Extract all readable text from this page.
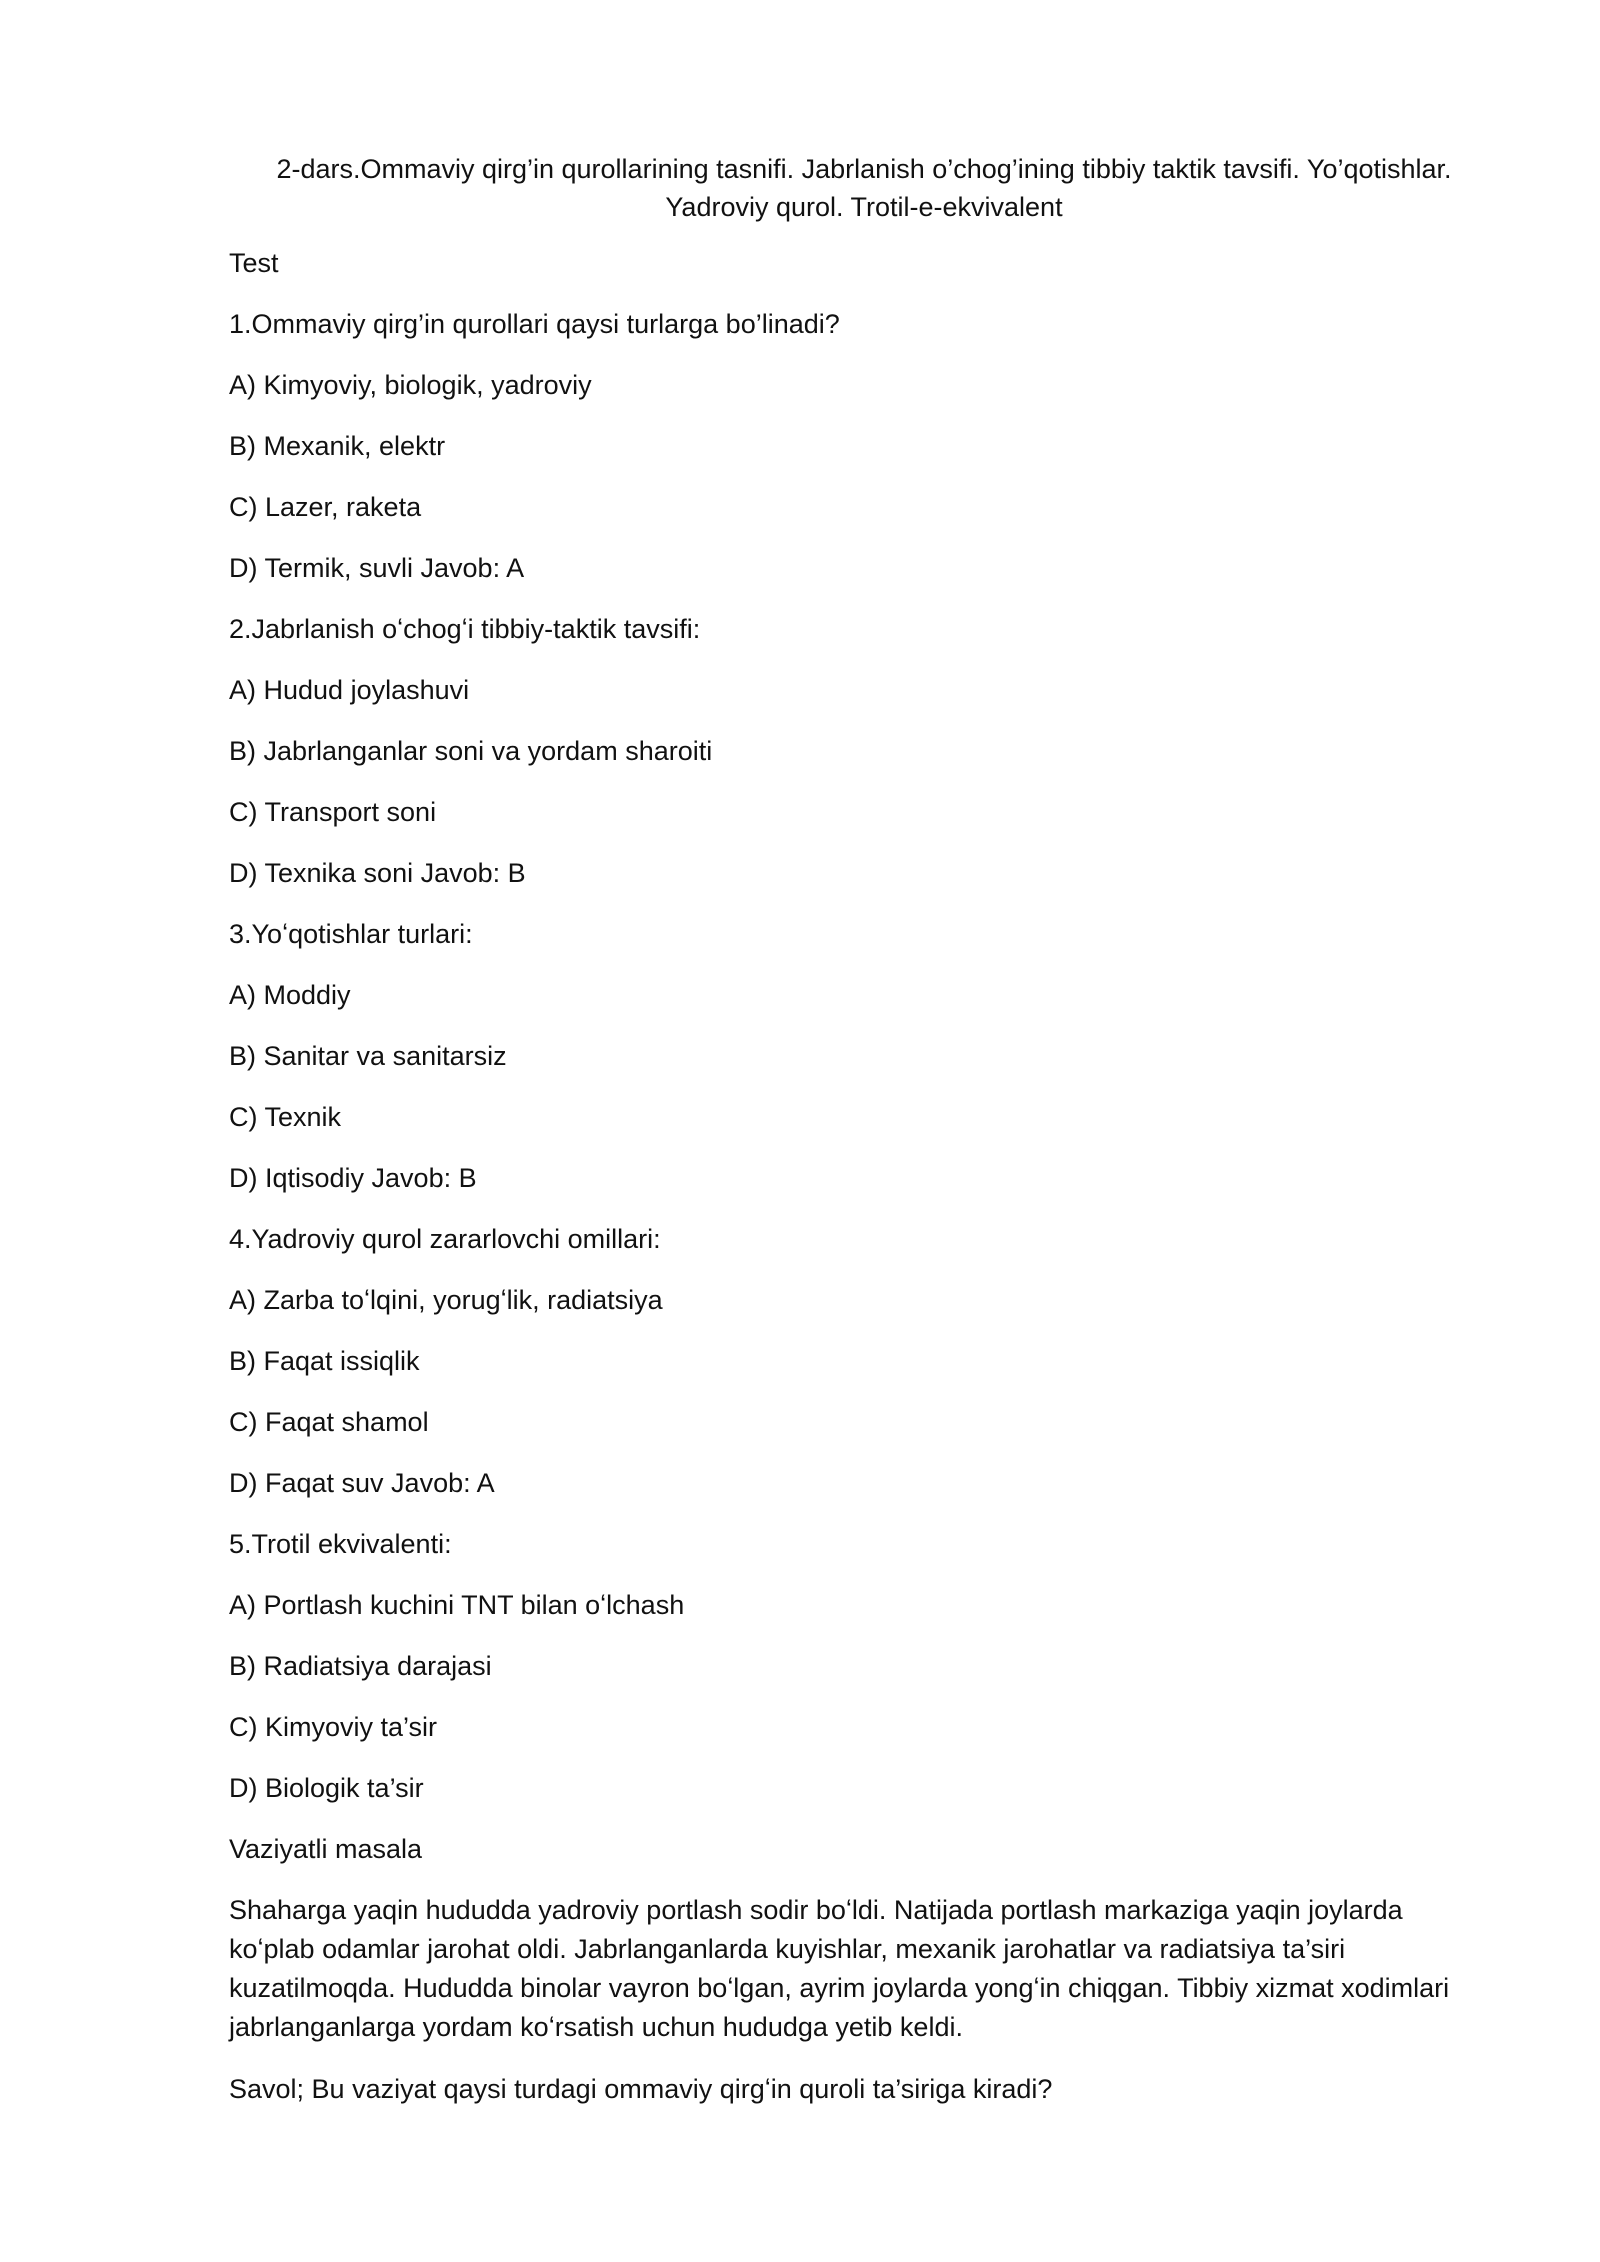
2-dars.Ommaviy qirg’in qurollarining tasnifi. Jabrlanish o’chog’ining tibbiy taktik tavsifi. Yo’qotishlar.
Yadroviy qurol. Trotil-e-ekvivalent

Test

1.Ommaviy qirg’in qurollari qaysi turlarga bo’linadi?

A) Kimyoviy, biologik, yadroviy

B) Mexanik, elektr

C) Lazer, raketa

D) Termik, suvli Javob: A

2.Jabrlanish oʻchogʻi tibbiy-taktik tavsifi:

A) Hudud joylashuvi

B) Jabrlanganlar soni va yordam sharoiti

C) Transport soni

D) Texnika soni Javob: B

3.Yoʻqotishlar turlari:

A) Moddiy

B) Sanitar va sanitarsiz

C) Texnik

D) Iqtisodiy Javob: B

4.Yadroviy qurol zararlovchi omillari:

A) Zarba toʻlqini, yorugʻlik, radiatsiya

B) Faqat issiqlik

C) Faqat shamol

D) Faqat suv Javob: A

5.Trotil ekvivalenti:

A) Portlash kuchini TNT bilan oʻlchash

B) Radiatsiya darajasi

C) Kimyoviy ta’sir

D) Biologik ta’sir

Vaziyatli masala

Shaharga yaqin hududda yadroviy portlash sodir boʻldi. Natijada portlash markaziga yaqin joylarda koʻplab odamlar jarohat oldi. Jabrlanganlarda kuyishlar, mexanik jarohatlar va radiatsiya ta’siri kuzatilmoqda. Hududda binolar vayron boʻlgan, ayrim joylarda yongʻin chiqgan. Tibbiy xizmat xodimlari jabrlanganlarga yordam koʻrsatish uchun hududga yetib keldi.

Savol; Bu vaziyat qaysi turdagi ommaviy qirgʻin quroli ta’siriga kiradi?
